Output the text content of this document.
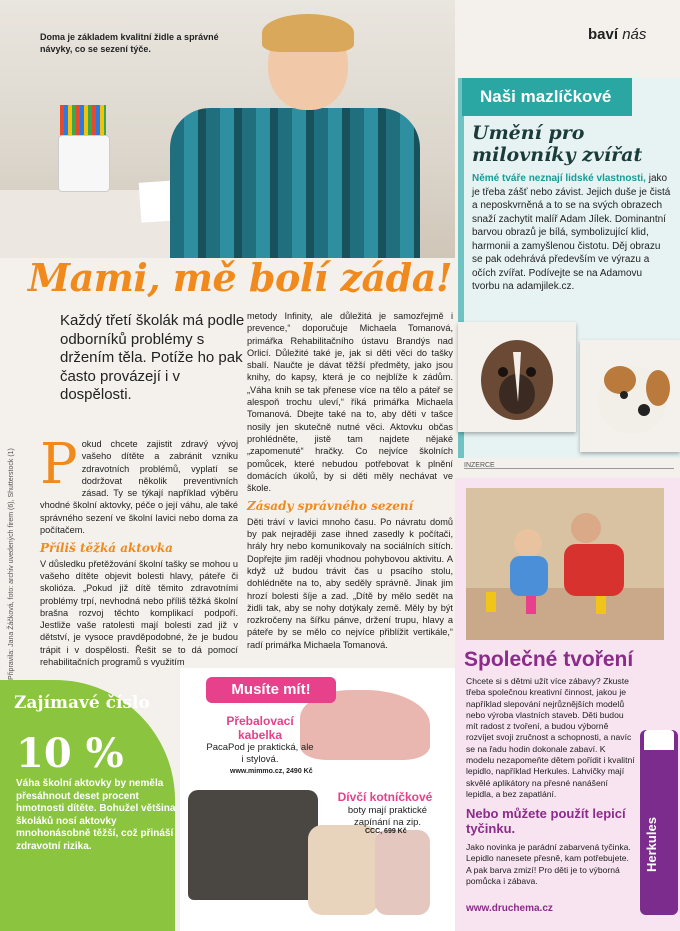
Doma je základem kvalitní židle a správné návyky, co se sezení týče.
baví nás
Naši mazlíčkové
Umění pro milovníky zvířat
Němé tváře neznají lidské vlastnosti, jako je třeba zášť nebo závist. Jejich duše je čistá a neposkvrněná a to se na svých obrazech snaží zachytit malíř Adam Jílek. Dominantní barvou obrazů je bílá, symbolizující klid, harmonii a zamyšlenou čistotu. Děj obrazu se pak odehrává především ve výrazu a očích zvířat. Podívejte se na Adamovu tvorbu na adamjilek.cz.
Mami, mě bolí záda!
Každý třetí školák má podle odborníků problémy s držením těla. Potíže ho pak často provázejí i v dospělosti.
Připravila: Jana Žáčková, foto: archiv uvedených firem (6), Shutterstock (1) P okud chcete zajistit zdravý vývoj vašeho dítěte a zabránit vzniku zdravotních problémů, vyplatí se dodržovat několik preventivních zásad. Ty se týkají například výběru vhodné školní aktovky, péče o její váhu, ale také správného sezení ve školní lavici nebo doma za počítačem.
Příliš těžká aktovka
V důsledku přetěžování školní tašky se mohou u vašeho dítěte objevit bolesti hlavy, páteře či skolióza. „Pokud již dítě těmito zdravotními problémy trpí, nevhodná nebo příliš těžká školní brašna rozvoj těchto komplikací podpoří. Jestliže vaše ratolesti mají bolesti zad již v dětství, je vysoce pravděpodobné, že je budou trápit i v dospělosti. Řešit se to dá pomocí rehabilitačních programů s využitím
metody Infinity, ale důležitá je samozřejmě i prevence,“ doporučuje Michaela Tomanová, primářka Rehabilitačního ústavu Brandýs nad Orlicí. Důležité také je, jak si děti věci do tašky sbalí. Naučte je dávat těžší předměty, jako jsou knihy, do kapsy, která je co nejblíže k zádům. „Váha knih se tak přenese více na tělo a páteř se alespoň trochu uleví,“ říká primářka Michaela Tomanová. Dbejte také na to, aby děti v tašce nosily jen skutečně nutné věci. Aktovku občas prohlédněte, jistě tam najdete nějaké „zapomenuté“ hračky. Co nejvíce školních pomůcek, které nebudou potřebovat k plnění domácích úkolů, by si děti měly nechávat ve škole.
Zásady správného sezení
Děti tráví v lavici mnoho času. Po návratu domů by pak nejraději zase ihned zasedly k počítači, hrály hry nebo komunikovaly na sociálních sítích. Dopřejte jim raději vhodnou pohybovou aktivitu. A když už budou trávit čas u psacího stolu, dohlédněte na to, aby seděly správně. Jinak jim hrozí bolesti šíje a zad. „Dítě by mělo sedět na židli tak, aby se nohy dotýkaly země. Měly by být rozkročeny na šířku pánve, držení trupu, hlavy a páteře by se mělo co nejvíce přiblížit vertikále,“ radí primářka Michaela Tomanová.
Zajímavé číslo
10 %
Váha školní aktovky by neměla přesáhnout deset procent hmotnosti dítěte. Bohužel většina školáků nosí aktovky mnohonásobně těžší, což přináší zdravotní rizika.
Musíte mít!
Přebalovací kabelka
PacaPod je praktická, ale i stylová.
www.mimmo.cz, 2490 Kč
Dívčí kotníčkové
boty mají praktické zapínání na zip.
CCC, 699 Kč
INZERCE
Společné tvoření
Chcete si s dětmi užít více zábavy? Zkuste třeba společnou kreativní činnost, jakou je například slepování nejrůznějších modelů nebo výroba vlastních staveb. Děti budou mít radost z tvoření, a budou výborně rozvíjet svoji zručnost a schopnosti, a navíc se na řadu hodin dokonale zabaví. K modelu nezapomeňte dětem pořídit i kvalitní lepidlo, například Herkules. Lahvičky mají skvělé aplikátory na přesné nanášení lepidla, a bez zapatlání.
Nebo můžete použít lepicí tyčinku.
Jako novinka je parádní zabarvená tyčinka. Lepidlo nanesete přesně, kam potřebujete. A pak barva zmizí! Pro děti je to výborná pomůcka i zábava.
www.druchema.cz
Herkules
